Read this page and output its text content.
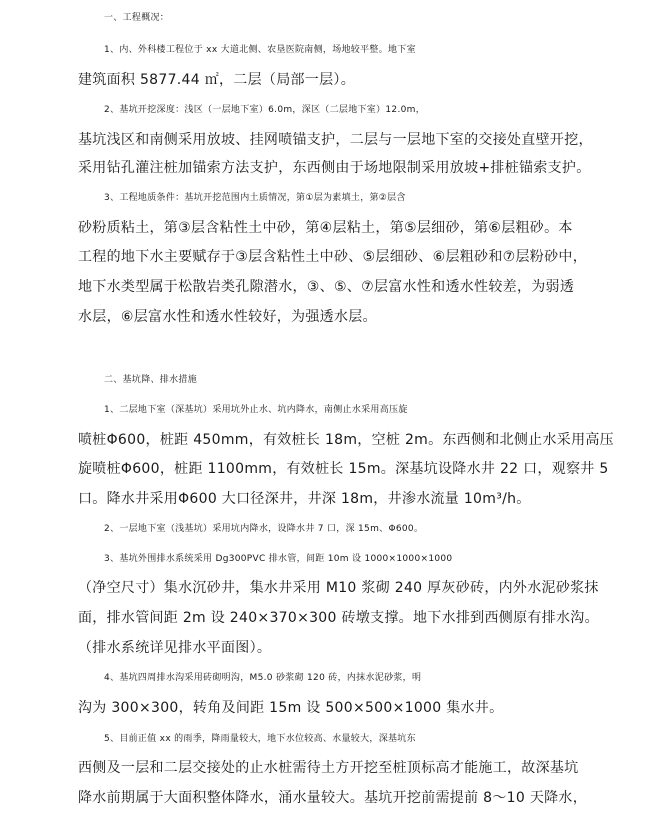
一、工程概况：
1、内、外科楼工程位于 xx 大道北侧、农垦医院南侧，场地较平整。地下室
建筑面积 5877.44 ㎡，二层（局部一层）。
2、基坑开挖深度：浅区（一层地下室）6.0m，深区（二层地下室）12.0m，
基坑浅区和南侧采用放坡、挂网喷锚支护，二层与一层地下室的交接处直壁开挖，
采用钻孔灌注桩加锚索方法支护，东西侧由于场地限制采用放坡+排桩锚索支护。
3、工程地质条件：基坑开挖范围内土质情况，第①层为素填土，第②层含
砂粉质粘土，第③层含粘性土中砂，第④层粘土，第⑤层细砂，第⑥层粗砂。本
工程的地下水主要赋存于③层含粘性土中砂、⑤层细砂、⑥层粗砂和⑦层粉砂中，
地下水类型属于松散岩类孔隙潜水，③、⑤、⑦层富水性和透水性较差，为弱透
水层，⑥层富水性和透水性较好，为强透水层。
二、基坑降、排水措施
1、二层地下室（深基坑）采用坑外止水、坑内降水，南侧止水采用高压旋
喷桩Φ600，桩距 450mm，有效桩长 18m，空桩 2m。东西侧和北侧止水采用高压
旋喷桩Φ600，桩距 1100mm，有效桩长 15m。深基坑设降水井 22 口，观察井 5
口。降水井采用Φ600 大口径深井，井深 18m，井渗水流量 10m³/h。
2、一层地下室（浅基坑）采用坑内降水，设降水井 7 口，深 15m、Φ600。
3、基坑外围排水系统采用 Dg300PVC 排水管，间距 10m 设 1000×1000×1000
（净空尺寸）集水沉砂井，集水井采用 M10 浆砌 240 厚灰砂砖，内外水泥砂浆抹
面，排水管间距 2m 设 240×370×300 砖墩支撑。地下水排到西侧原有排水沟。
（排水系统详见排水平面图）。
4、基坑四周排水沟采用砖砌明沟，M5.0 砂浆砌 120 砖，内抹水泥砂浆，明
沟为 300×300，转角及间距 15m 设 500×500×1000 集水井。
5、目前正值 xx 的雨季，降雨量较大，地下水位较高、水量较大，深基坑东
西侧及一层和二层交接处的止水桩需待土方开挖至桩顶标高才能施工，故深基坑
降水前期属于大面积整体降水，涌水量较大。基坑开挖前需提前 8～10 天降水，
